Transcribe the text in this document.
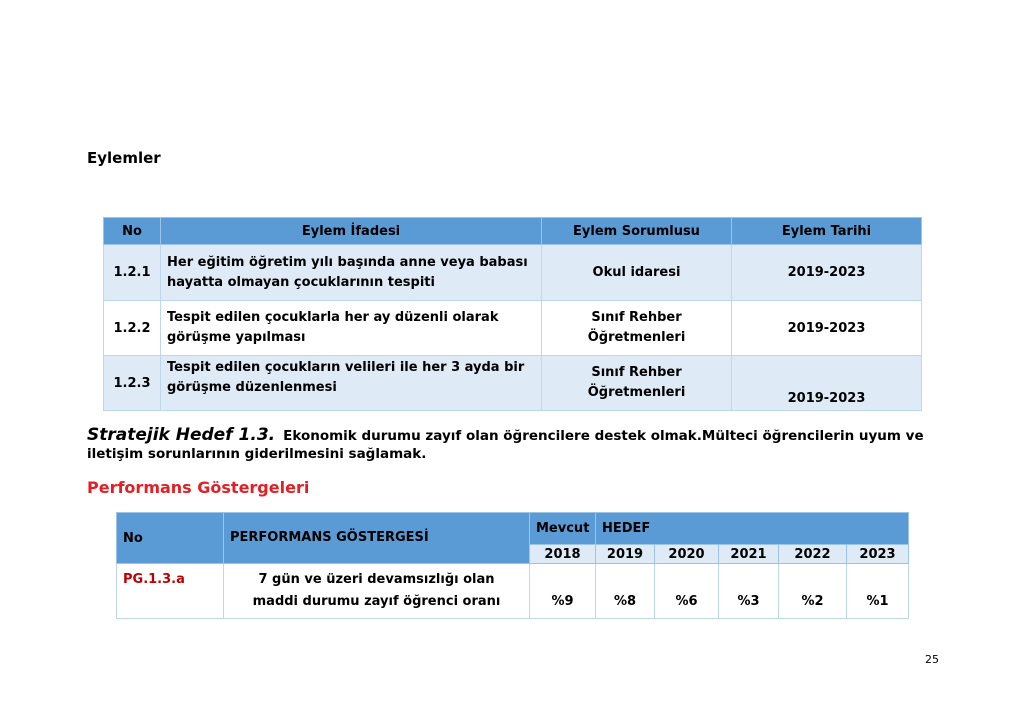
Eylemler
No	Eylem İfadesi	Eylem Sorumlusu	Eylem Tarihi
1.2.1	Her eğitim öğretim yılı başında anne veya babası hayatta olmayan çocuklarının tespiti	Okul idaresi	2019-2023
1.2.2	Tespit edilen çocuklarla her ay düzenli olarak görüşme yapılması	Sınıf Rehber Öğretmenleri	2019-2023
1.2.3	Tespit edilen çocukların velileri ile her 3 ayda bir görüşme düzenlenmesi	Sınıf Rehber Öğretmenleri	2019-2023
Stratejik Hedef 1.3. Ekonomik durumu zayıf olan öğrencilere destek olmak.Mülteci öğrencilerin uyum ve iletişim sorunlarının giderilmesini sağlamak.
Performans Göstergeleri
No	PERFORMANS GÖSTERGESİ	Mevcut	HEDEF				
		2018	2019	2020	2021	2022	2023
PG.1.3.a	7 gün ve üzeri devamsızlığı olan maddi durumu zayıf öğrenci oranı	%9	%8	%6	%3	%2	%1
25
